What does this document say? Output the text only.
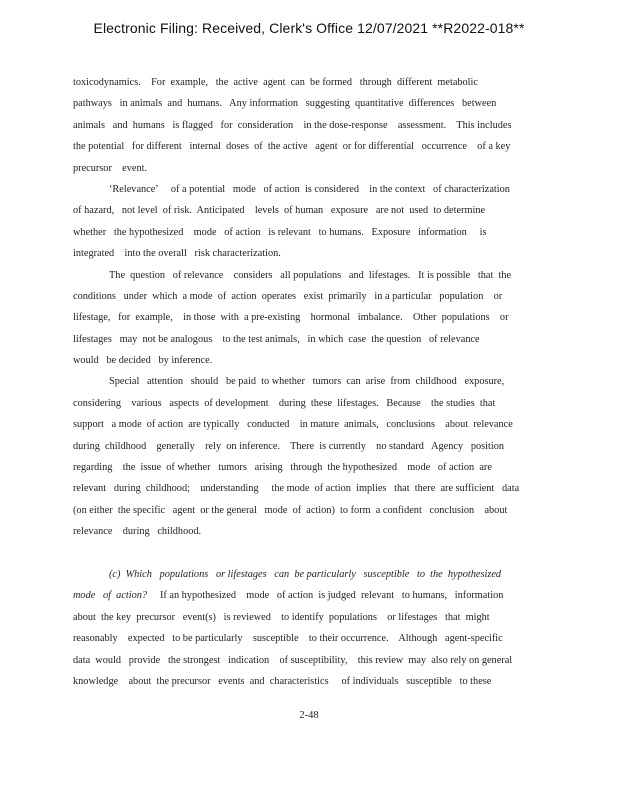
Electronic Filing: Received, Clerk's Office 12/07/2021 **R2022-018**
toxicodynamics.    For  example,   the  active  agent  can  be formed   through  different  metabolic
pathways   in animals  and  humans.   Any information   suggesting  quantitative  differences   between
animals   and  humans   is flagged   for  consideration    in the dose-response    assessment.    This includes
the potential   for different   internal  doses  of  the active   agent  or for differential   occurrence    of a key
precursor    event.
‘Relevance’     of a potential   mode   of action  is considered    in the context   of characterization
of hazard,   not level  of risk.  Anticipated    levels  of human   exposure   are not  used  to determine
whether   the hypothesized    mode   of action   is relevant   to humans.   Exposure   information     is
integrated    into the overall   risk characterization.
The  question   of relevance    considers   all populations   and  lifestages.   It is possible   that  the
conditions   under  which  a mode  of  action  operates   exist  primarily   in a particular   population    or
lifestage,   for  example,    in those  with  a pre-existing    hormonal   imbalance.    Other  populations    or
lifestages   may  not be analogous    to the test animals,   in which  case  the question   of relevance
would   be decided   by inference.
Special   attention   should   be paid  to whether   tumors  can  arise  from  childhood   exposure,
considering    various   aspects  of development    during  these  lifestages.   Because    the studies  that
support   a mode  of action  are typically   conducted    in mature  animals,   conclusions    about  relevance
during  childhood    generally    rely  on inference.    There  is currently    no standard   Agency   position
regarding    the  issue  of whether   tumors   arising   through  the hypothesized    mode   of action  are
relevant   during  childhood;    understanding     the mode  of action  implies   that  there  are sufficient   data
(on either  the specific   agent  or the general   mode  of  action)  to form  a confident   conclusion    about
relevance    during   childhood.
(c)  Which   populations   or lifestages   can  be particularly   susceptible   to  the  hypothesized
mode   of  action?     If an hypothesized    mode   of action  is judged  relevant   to humans,   information
about  the key  precursor   event(s)   is reviewed    to identify  populations    or lifestages   that  might
reasonably    expected   to be particularly    susceptible    to their occurrence.    Although   agent-specific
data  would   provide   the strongest   indication    of susceptibility,    this review  may  also rely on general
knowledge    about  the precursor   events  and  characteristics     of individuals   susceptible   to these
2-48
